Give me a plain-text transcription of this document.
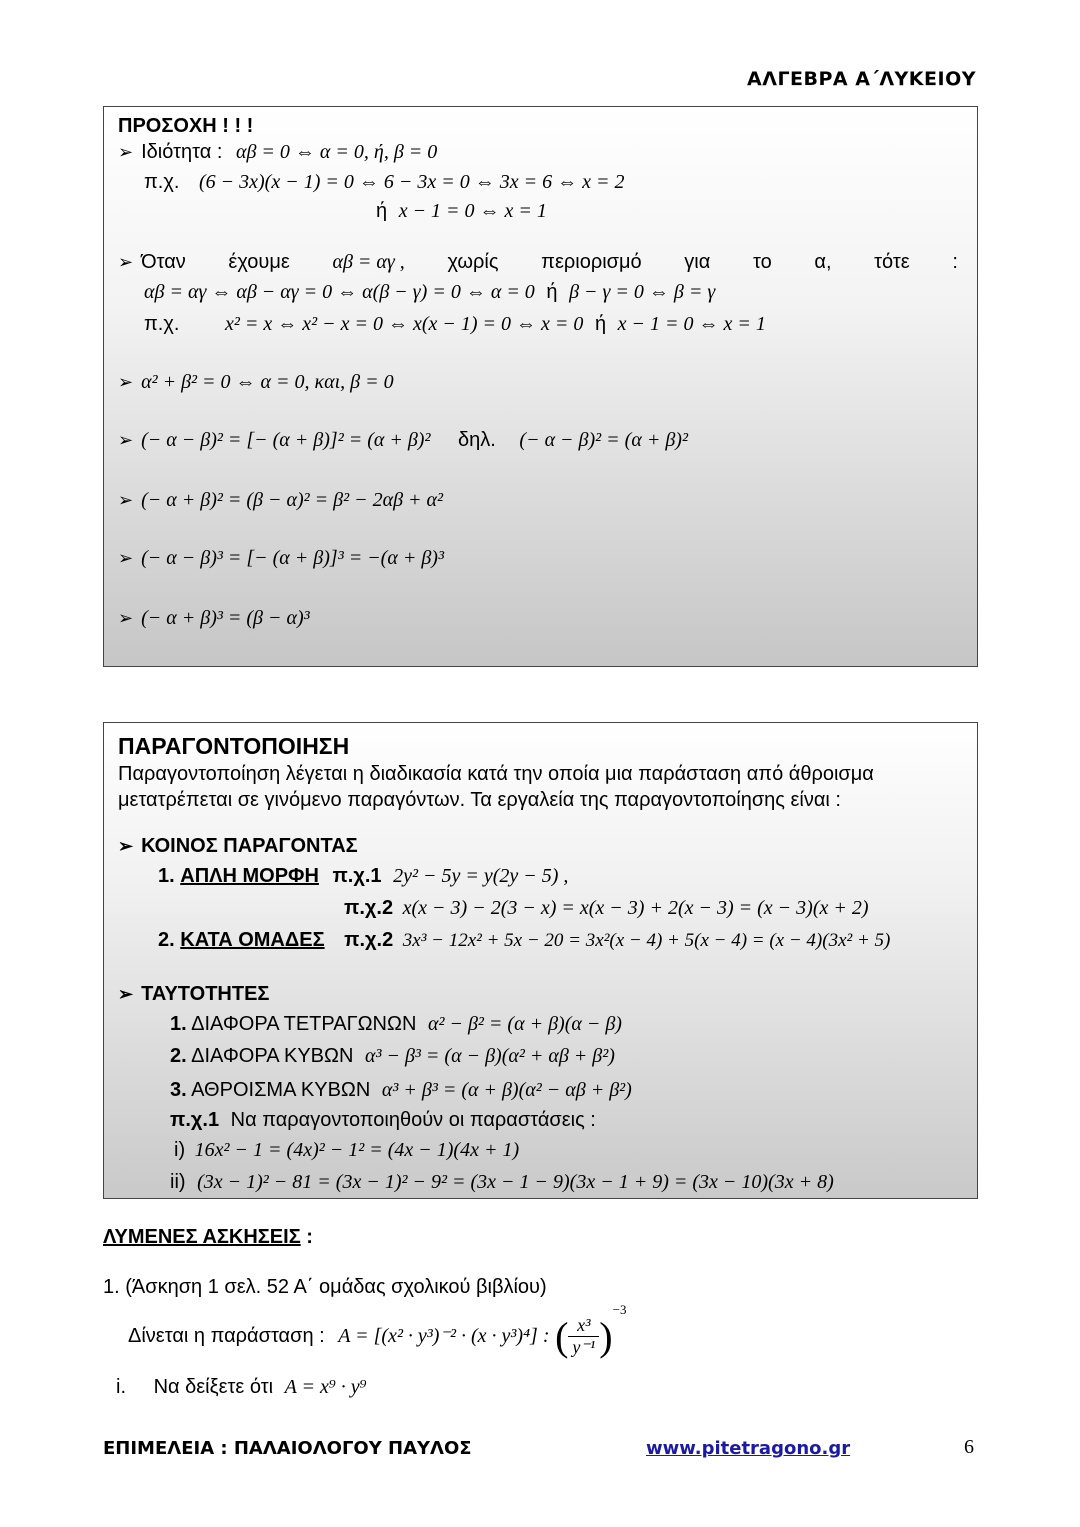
ΑΛΓΕΒΡΑ Α΄ΛΥΚΕΙΟΥ
ΠΡΟΣΟΧΗ ! ! !
➢ Ιδιότητα : αβ = 0 ⇔ α = 0, ή, β = 0
π.χ. (6 − 3x)(x − 1) = 0 ⇔ 6 − 3x = 0 ⇔ 3x = 6 ⇔ x = 2
ή x − 1 = 0 ⇔ x = 1
➢ Όταν έχουμε αβ = αγ , χωρίς περιορισμό για το α, τότε :
αβ = αγ ⇔ αβ − αγ = 0 ⇔ α(β − γ) = 0 ⇔ α = 0 ή β − γ = 0 ⇔ β = γ
π.χ. x² = x ⇔ x² − x = 0 ⇔ x(x − 1) = 0 ⇔ x = 0 ή x − 1 = 0 ⇔ x = 1
➢ α² + β² = 0 ⇔ α = 0, και, β = 0
➢ (− α − β)² = [− (α + β)]² = (α + β)² δηλ. (− α − β)² = (α + β)²
➢ (− α + β)² = (β − α)² = β² − 2αβ + α²
➢ (− α − β)³ = [− (α + β)]³ = −(α + β)³
➢ (− α + β)³ = (β − α)³
ΠΑΡΑΓΟΝΤΟΠΟΙΗΣΗ
Παραγοντοποίηση λέγεται η διαδικασία κατά την οποία μια παράσταση από άθροισμα
μετατρέπεται σε γινόμενο παραγόντων. Τα εργαλεία της παραγοντοποίησης είναι :
➢ ΚΟΙΝΟΣ ΠΑΡΑΓΟΝΤΑΣ
1. ΑΠΛΗ ΜΟΡΦΗ π.χ.1 2y² − 5y = y(2y − 5) ,
π.χ.2 x(x − 3) − 2(3 − x) = x(x − 3) + 2(x − 3) = (x − 3)(x + 2)
2. ΚΑΤΑ ΟΜΑΔΕΣ π.χ.2 3x³ − 12x² + 5x − 20 = 3x²(x − 4) + 5(x − 4) = (x − 4)(3x² + 5)
➢ ΤΑΥΤΟΤΗΤΕΣ
1. ΔΙΑΦΟΡΑ ΤΕΤΡΑΓΩΝΩΝ α² − β² = (α + β)(α − β)
2. ΔΙΑΦΟΡΑ ΚΥΒΩΝ α³ − β³ = (α − β)(α² + αβ + β²)
3. ΑΘΡΟΙΣΜΑ ΚΥΒΩΝ α³ + β³ = (α + β)(α² − αβ + β²)
π.χ.1 Να παραγοντοποιηθούν οι παραστάσεις :
i) 16x² − 1 = (4x)² − 1² = (4x − 1)(4x + 1)
ii) (3x − 1)² − 81 = (3x − 1)² − 9² = (3x − 1 − 9)(3x − 1 + 9) = (3x − 10)(3x + 8)
ΛΥΜΕΝΕΣ ΑΣΚΗΣΕΙΣ :
1. (Άσκηση 1 σελ. 52 Α΄ ομάδας σχολικού βιβλίου)
Δίνεται η παράσταση : Α = [(x² · y³)⁻² · (x · y³)⁴] : ( $\frac{\text{x³}}{\text{y⁻¹}} )^{-3}$
i. Να δείξετε ότι Α = x⁹ · y⁹
ΕΠΙΜΕΛΕΙΑ : ΠΑΛΑΙΟΛΟΓΟΥ ΠΑΥΛΟΣ	www.pitetragono.gr	6
